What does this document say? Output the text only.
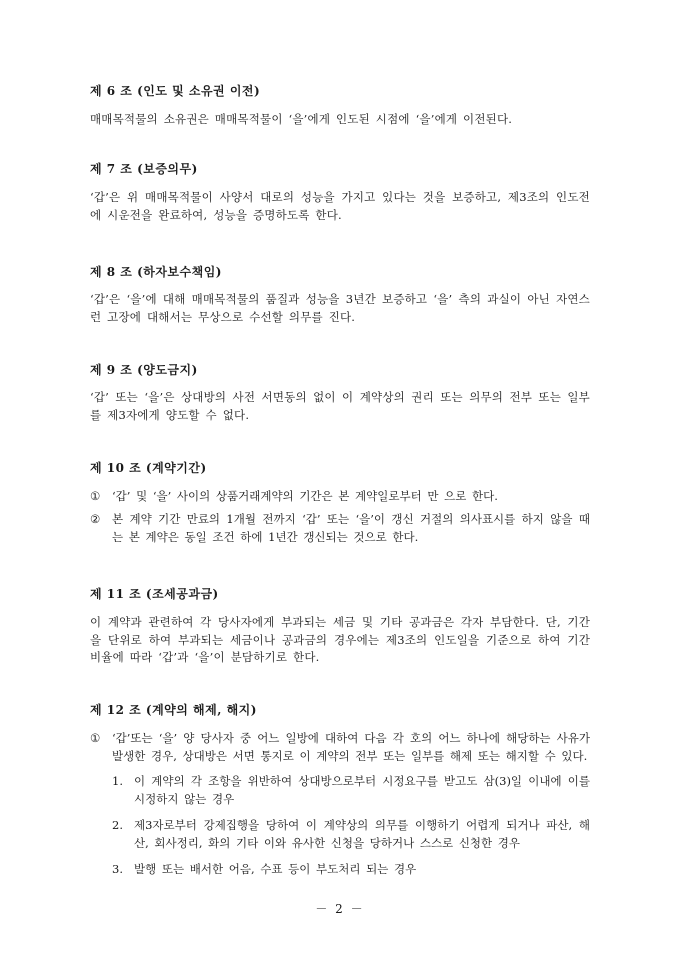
제 6 조 (인도 및 소유권 이전)

매매목적물의 소유권은 매매목적물이 ‘을’에게 인도된 시점에 ‘을’에게 이전된다.

제 7 조 (보증의무)

‘갑’은 위 매매목적물이 사양서 대로의 성능을 가지고 있다는 것을 보증하고, 제3조의 인도전에 시운전을 완료하여, 성능을 증명하도록 한다.

제 8 조 (하자보수책임)

‘갑’은 ‘을’에 대해 매매목적물의 품질과 성능을 3년간 보증하고 ‘을’ 측의 과실이 아닌 자연스런 고장에 대해서는 무상으로 수선할 의무를 진다.

제 9 조 (양도금지)

‘갑’ 또는 ‘을’은 상대방의 사전 서면동의 없이 이 계약상의 권리 또는 의무의 전부 또는 일부를 제3자에게 양도할 수 없다.

제 10 조 (계약기간)

①	‘갑’ 및 ‘을’ 사이의 상품거래계약의 기간은 본 계약일로부터 만 으로 한다.
②	본 계약 기간 만료의 1개월 전까지 ‘갑’ 또는 ‘을’이 갱신 거절의 의사표시를 하지 않을 때는 본 계약은 동일 조건 하에 1년간 갱신되는 것으로 한다.

제 11 조 (조세공과금)

이 계약과 관련하여 각 당사자에게 부과되는 세금 및 기타 공과금은 각자 부담한다. 단, 기간을 단위로 하여 부과되는 세금이나 공과금의 경우에는 제3조의 인도일을 기준으로 하여 기간 비율에 따라 ‘갑’과 ‘을’이 분담하기로 한다.

제 12 조 (계약의 해제, 해지)

①	‘갑’또는 ‘을’ 양 당사자 중 어느 일방에 대하여 다음 각 호의 어느 하나에 해당하는 사유가 발생한 경우, 상대방은 서면 통지로 이 계약의 전부 또는 일부를 해제 또는 해지할 수 있다.
1. 이 계약의 각 조항을 위반하여 상대방으로부터 시정요구를 받고도 삼(3)일 이내에 이를 시정하지 않는 경우
2. 제3자로부터 강제집행을 당하여 이 계약상의 의무를 이행하기 어렵게 되거나 파산, 해산, 회사정리, 화의 기타 이와 유사한 신청을 당하거나 스스로 신청한 경우
3. 발행 또는 배서한 어음, 수표 등이 부도처리 되는 경우
－ 2 －
